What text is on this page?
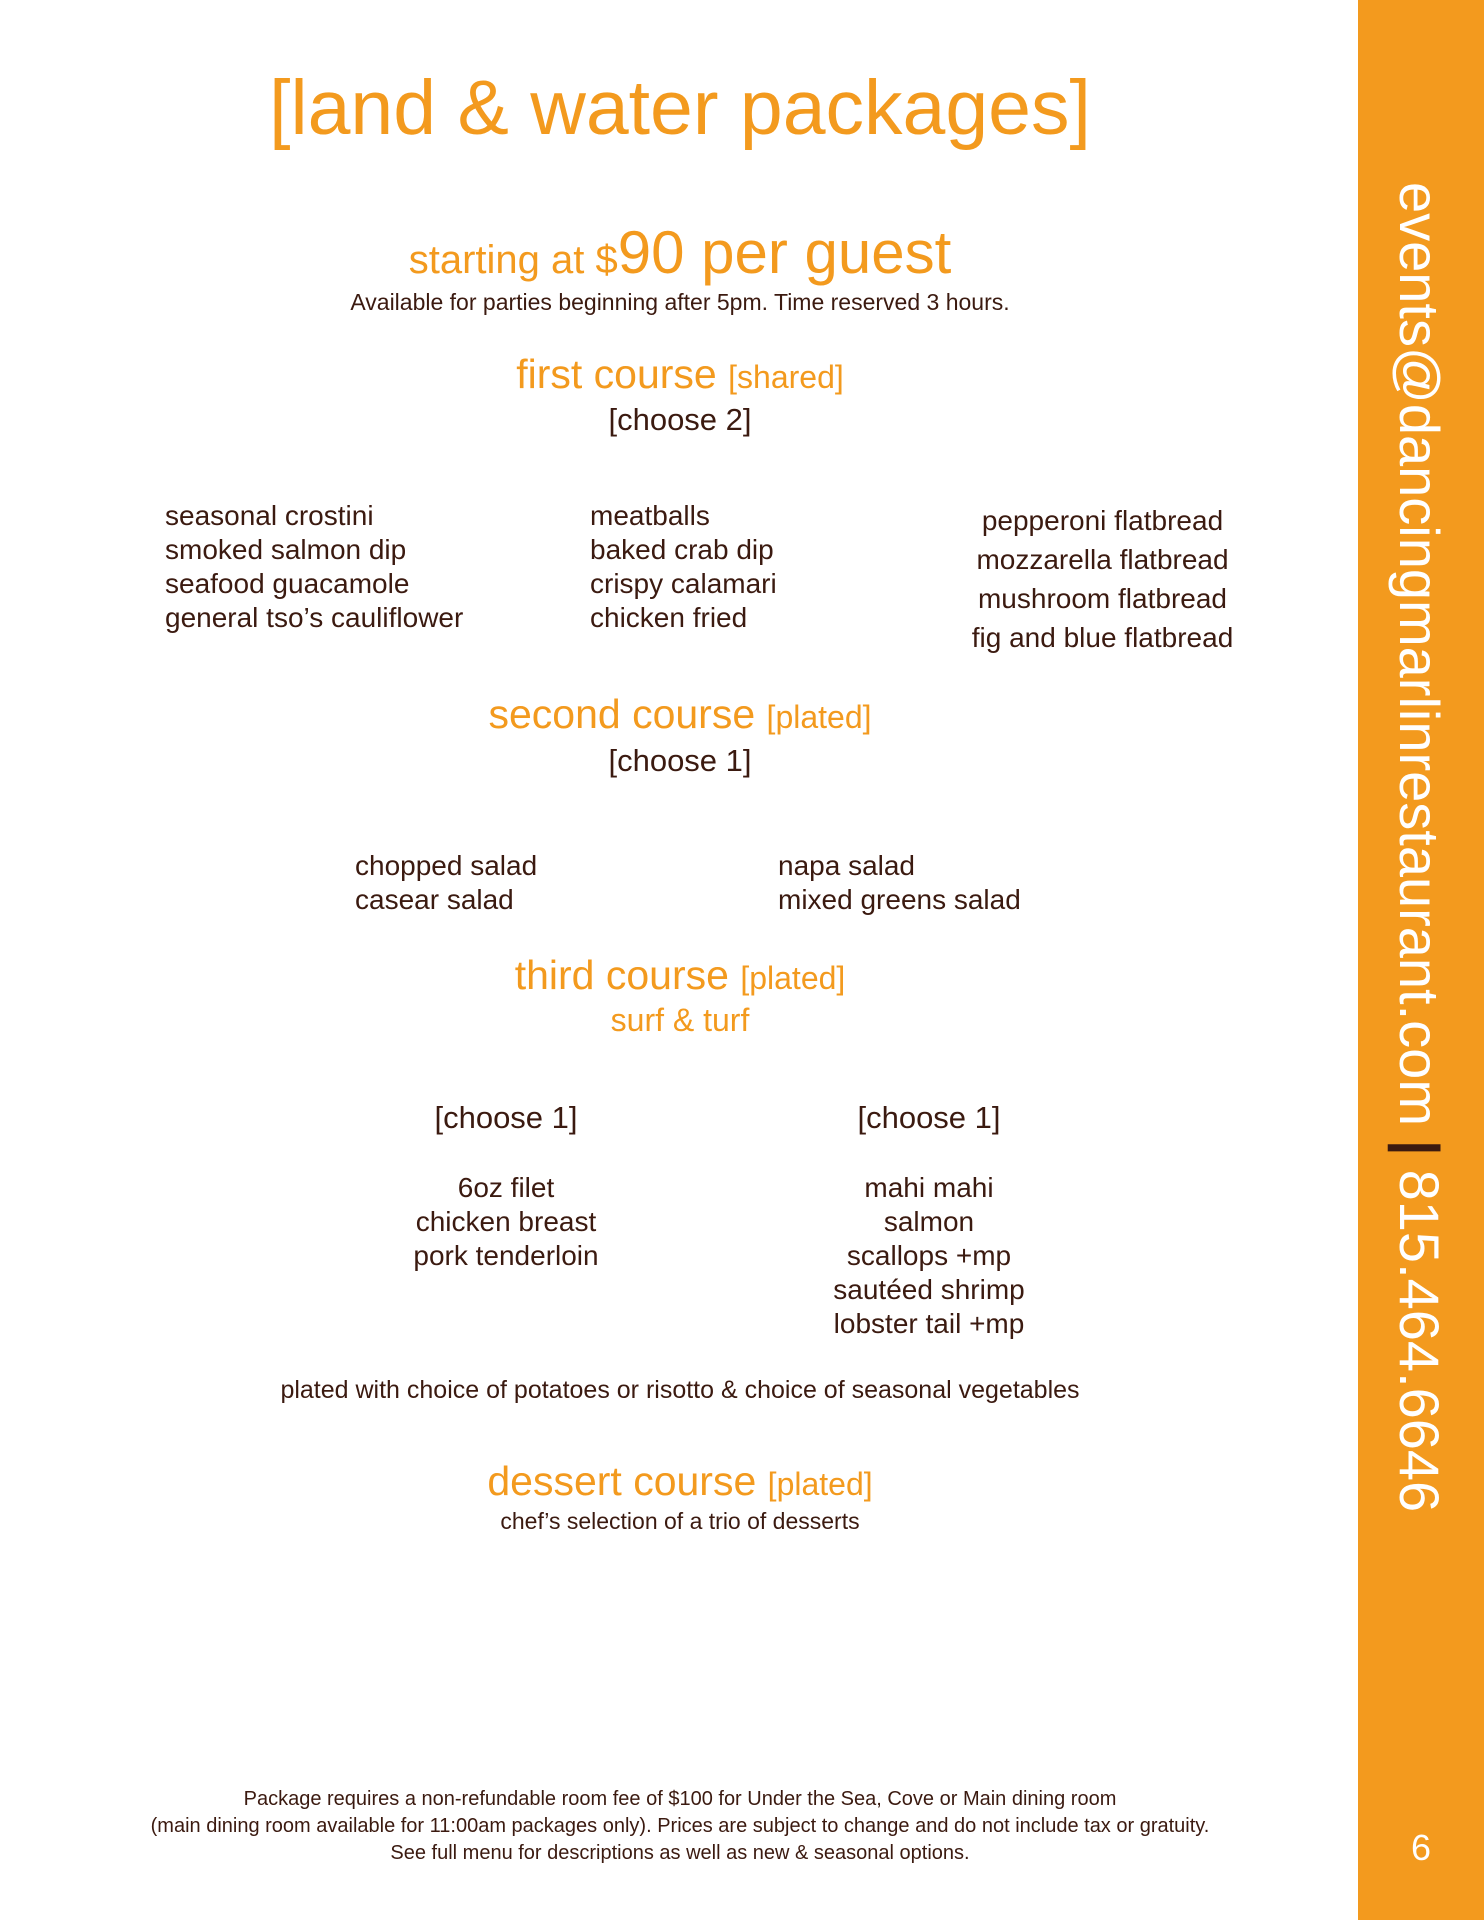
[land & water packages]
starting at $90 per guest
Available for parties beginning after 5pm. Time reserved 3 hours.
first course [shared]
[choose 2]
seasonal crostini
smoked salmon dip
seafood guacamole
general tso’s cauliflower
meatballs
baked crab dip
crispy calamari
chicken fried
pepperoni flatbread
mozzarella flatbread
mushroom flatbread
fig and blue flatbread
second course [plated]
[choose 1]
chopped salad
casear salad
napa salad
mixed greens salad
third course [plated]
surf & turf
[choose 1]	[choose 1]
6oz filet
chicken breast
pork tenderloin
mahi mahi
salmon
scallops +mp
sautéed shrimp
lobster tail +mp
plated with choice of potatoes or risotto & choice of seasonal vegetables
dessert course [plated]
chef’s selection of a trio of desserts
Package requires a non-refundable room fee of $100 for Under the Sea, Cove or Main dining room
(main dining room available for 11:00am packages only). Prices are subject to change and do not include tax or gratuity.
See full menu for descriptions as well as new & seasonal options.
events@dancingmarlinrestaurant.com|815.464.6646
6
